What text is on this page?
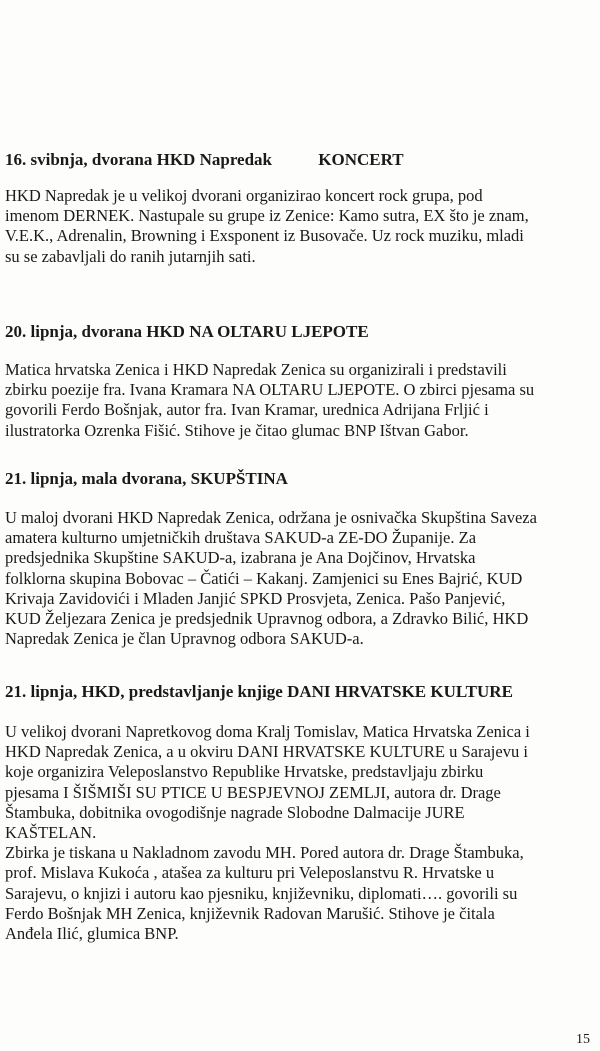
16. svibnja, dvorana HKD Napredak	KONCERT

HKD Napredak je u velikoj dvorani organizirao koncert rock grupa, pod
imenom DERNEK. Nastupale su grupe iz Zenice: Kamo sutra, EX što je znam,
V.E.K., Adrenalin, Browning i Exsponent iz Busovače. Uz rock muziku, mladi
su se zabavljali do ranih jutarnjih sati.

20. lipnja, dvorana HKD NA OLTARU LJEPOTE

Matica hrvatska Zenica i HKD Napredak Zenica su organizirali i predstavili
zbirku poezije fra. Ivana Kramara NA OLTARU LJEPOTE. O zbirci pjesama su
govorili Ferdo Bošnjak, autor fra. Ivan Kramar, urednica Adrijana Frljić i
ilustratorka Ozrenka Fišić. Stihove je čitao glumac BNP Ištvan Gabor.

21. lipnja, mala dvorana, SKUPŠTINA

U maloj dvorani HKD Napredak Zenica, održana je osnivačka Skupština Saveza
amatera kulturno umjetničkih društava SAKUD-a ZE-DO Županije. Za
predsjednika Skupštine SAKUD-a, izabrana je Ana Dojčinov, Hrvatska
folklorna skupina Bobovac – Čatići – Kakanj. Zamjenici su Enes Bajrić, KUD
Krivaja Zavidovići i Mladen Janjić SPKD Prosvjeta, Zenica. Pašo Panjević,
KUD Željezara Zenica je predsjednik Upravnog odbora, a Zdravko Bilić, HKD
Napredak Zenica je član Upravnog odbora SAKUD-a.

21. lipnja, HKD, predstavljanje knjige DANI HRVATSKE KULTURE

U velikoj dvorani Napretkovog doma Kralj Tomislav, Matica Hrvatska Zenica i
HKD Napredak Zenica, a u okviru DANI HRVATSKE KULTURE u Sarajevu i
koje organizira Veleposlanstvo Republike Hrvatske, predstavljaju zbirku
pjesama I ŠIŠMIŠI SU PTICE U BESPJEVNOJ ZEMLJI, autora dr. Drage
Štambuka, dobitnika ovogodišnje nagrade Slobodne Dalmacije JURE
KAŠTELAN.
Zbirka je tiskana u Nakladnom zavodu MH. Pored autora dr. Drage Štambuka,
prof. Mislava Kukoća , atašea za kulturu pri Veleposlanstvu R. Hrvatske u
Sarajevu, o knjizi i autoru kao pjesniku, književniku, diplomati…. govorili su
Ferdo Bošnjak MH Zenica, književnik Radovan Marušić. Stihove je čitala
Anđela Ilić, glumica BNP.

15
